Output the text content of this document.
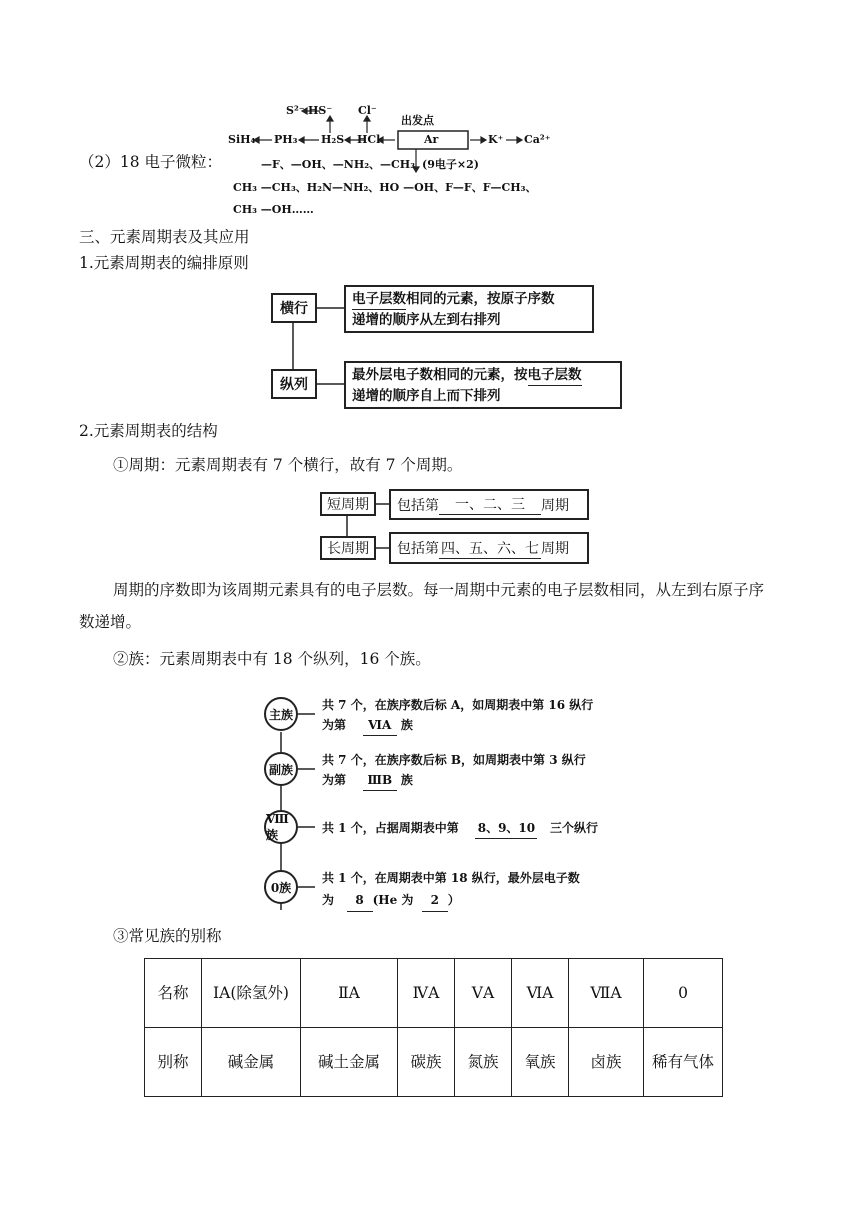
S²⁻ HS⁻ Cl⁻
出发点
SiH₄ PH₃ H₂S HCl	Ar	K⁺ Ca²⁺
（2）18 电子微粒：	—F、—OH、—NH₂、—CH₃ (9电子×2)
CH₃ —CH₃、H₂N—NH₂、HO —OH、F—F、F—CH₃、
CH₃ —OH……
三、元素周期表及其应用
1.元素周期表的编排原则
横行
电子层数相同的元素，按原子序数
递增的顺序从左到右排列
纵列
最外层电子数相同的元素，按电子层数
递增的顺序自上而下排列
2.元素周期表的结构
①周期：元素周期表有 7 个横行，故有 7 个周期。
短周期	包括第	一、二、三	周期
长周期	包括第 四、五、六、七 周期
周期的序数即为该周期元素具有的电子层数。每一周期中元素的电子层数相同，从左到右原子序数递增。
②族：元素周期表中有 18 个纵列，16 个族。
主族
副族
Ⅷ族
0族
共 7 个，在族序数后标 A，如周期表中第 16 纵行
为第 ⅥA 族
共 7 个，在族序数后标 B，如周期表中第 3 纵行
为第 ⅢB 族
共 1 个，占据周期表中第 8、9、10 三个纵行
共 1 个，在周期表中第 18 纵行，最外层电子数
为 8 (He 为 2 ）
③常见族的别称
名称	ⅠA(除氢外)	ⅡA	ⅣA	ⅤA	ⅥA	ⅦA	0
别称	碱金属	碱土金属	碳族	氮族	氧族	卤族	稀有气体
